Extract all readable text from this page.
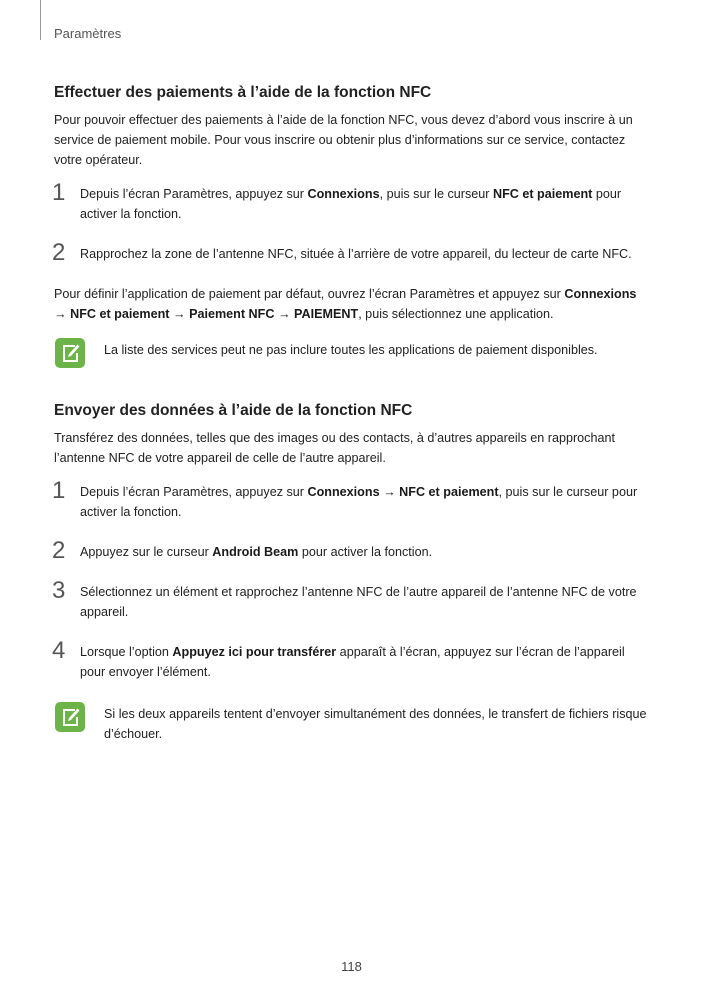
Paramètres
Effectuer des paiements à l’aide de la fonction NFC

Pour pouvoir effectuer des paiements à l’aide de la fonction NFC, vous devez d’abord vous inscrire à un service de paiement mobile. Pour vous inscrire ou obtenir plus d’informations sur ce service, contactez votre opérateur.

1 Depuis l’écran Paramètres, appuyez sur Connexions, puis sur le curseur NFC et paiement pour activer la fonction.

2 Rapprochez la zone de l’antenne NFC, située à l’arrière de votre appareil, du lecteur de carte NFC.

Pour définir l’application de paiement par défaut, ouvrez l’écran Paramètres et appuyez sur Connexions → NFC et paiement → Paiement NFC → PAIEMENT, puis sélectionnez une application.

La liste des services peut ne pas inclure toutes les applications de paiement disponibles.

Envoyer des données à l’aide de la fonction NFC

Transférez des données, telles que des images ou des contacts, à d’autres appareils en rapprochant l’antenne NFC de votre appareil de celle de l’autre appareil.

1 Depuis l’écran Paramètres, appuyez sur Connexions → NFC et paiement, puis sur le curseur pour activer la fonction.

2 Appuyez sur le curseur Android Beam pour activer la fonction.

3 Sélectionnez un élément et rapprochez l’antenne NFC de l’autre appareil de l’antenne NFC de votre appareil.

4 Lorsque l’option Appuyez ici pour transférer apparaît à l’écran, appuyez sur l’écran de l’appareil pour envoyer l’élément.

Si les deux appareils tentent d’envoyer simultanément des données, le transfert de fichiers risque d’échouer.

118
